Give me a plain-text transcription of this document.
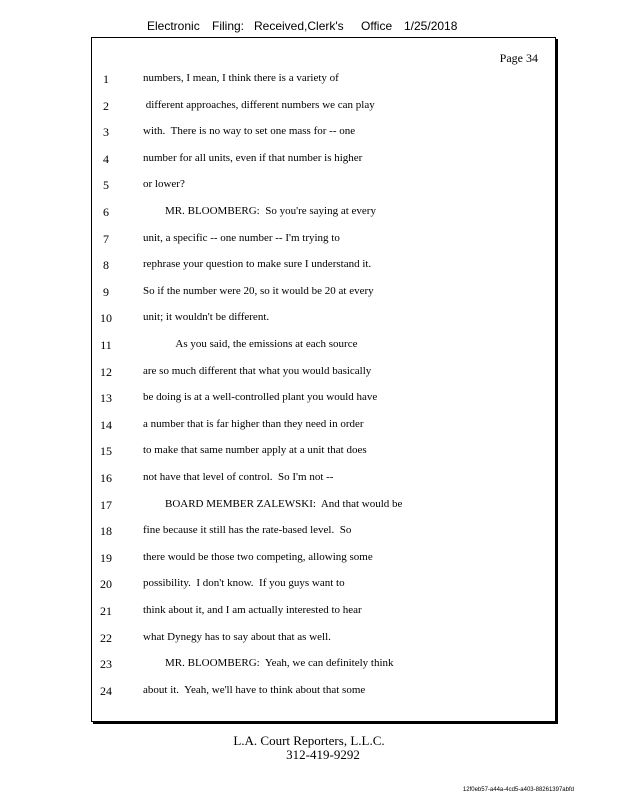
Electronic Filing: Received,Clerk's Office 1/25/2018
Page 34
1	numbers, I mean, I think there is a variety of
2	different approaches, different numbers we can play
3	with.  There is no way to set one mass for -- one
4	number for all units, even if that number is higher
5	or lower?
6	MR. BLOOMBERG:  So you're saying at every
7	unit, a specific -- one number -- I'm trying to
8	rephrase your question to make sure I understand it.
9	So if the number were 20, so it would be 20 at every
10	unit; it wouldn't be different.
11	As you said, the emissions at each source
12	are so much different that what you would basically
13	be doing is at a well-controlled plant you would have
14	a number that is far higher than they need in order
15	to make that same number apply at a unit that does
16	not have that level of control.  So I'm not --
17	BOARD MEMBER ZALEWSKI:  And that would be
18	fine because it still has the rate-based level.  So
19	there would be those two competing, allowing some
20	possibility.  I don't know.  If you guys want to
21	think about it, and I am actually interested to hear
22	what Dynegy has to say about that as well.
23	MR. BLOOMBERG:  Yeah, we can definitely think
24	about it.  Yeah, we'll have to think about that some
L.A. Court Reporters, L.L.C.
312-419-9292
12f0eb57-a44a-4cd5-a403-88261397abfd
